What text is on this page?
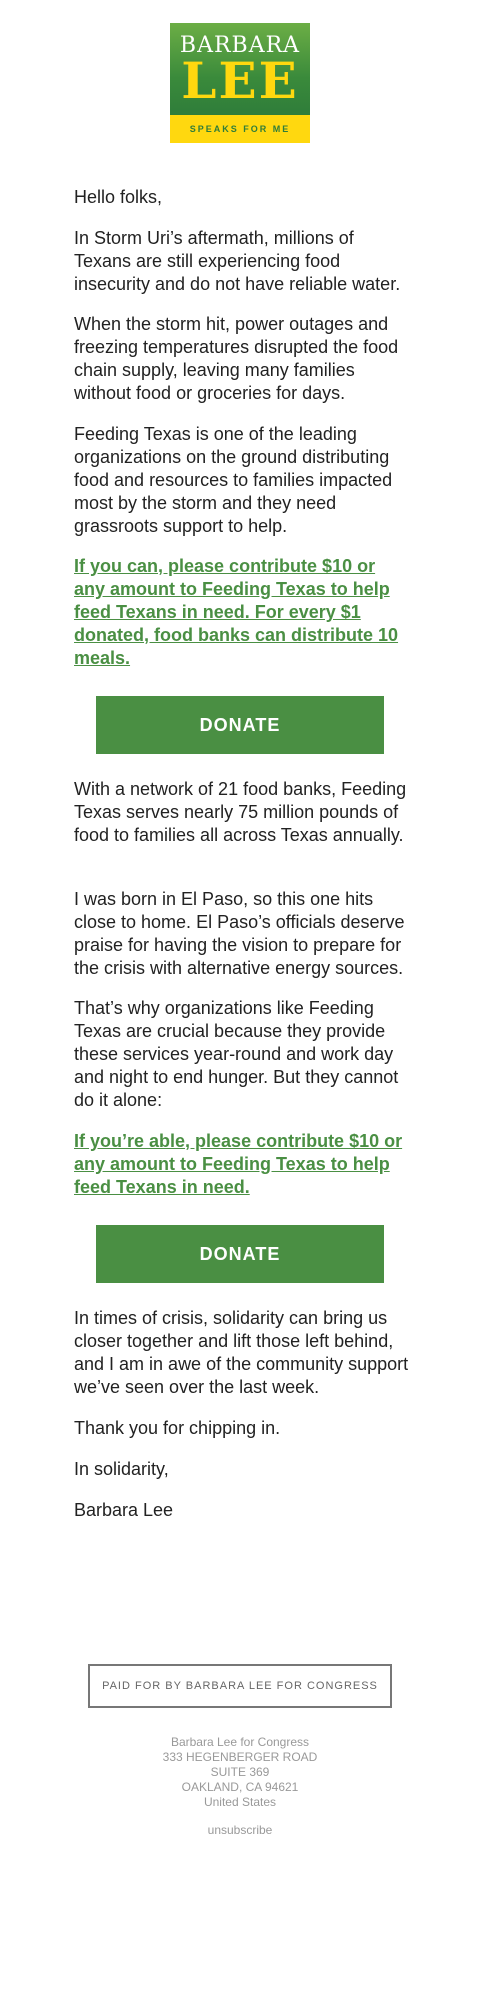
BARBARA
LEE
SPEAKS FOR ME

Hello folks,

In Storm Uri’s aftermath, millions of Texans are still experiencing food insecurity and do not have reliable water.

When the storm hit, power outages and freezing temperatures disrupted the food chain supply, leaving many families without food or groceries for days.

Feeding Texas is one of the leading organizations on the ground distributing food and resources to families impacted most by the storm and they need grassroots support to help.

If you can, please contribute $10 or any amount to Feeding Texas to help feed Texans in need. For every $1 donated, food banks can distribute 10 meals.

DONATE

With a network of 21 food banks, Feeding Texas serves nearly 75 million pounds of food to families all across Texas annually.

I was born in El Paso, so this one hits close to home. El Paso’s officials deserve praise for having the vision to prepare for the crisis with alternative energy sources.

That’s why organizations like Feeding Texas are crucial because they provide these services year-round and work day and night to end hunger. But they cannot do it alone:

If you’re able, please contribute $10 or any amount to Feeding Texas to help feed Texans in need.

DONATE

In times of crisis, solidarity can bring us closer together and lift those left behind, and I am in awe of the community support we’ve seen over the last week.

Thank you for chipping in.

In solidarity,

Barbara Lee

PAID FOR BY BARBARA LEE FOR CONGRESS
Barbara Lee for Congress
333 HEGENBERGER ROAD
SUITE 369
OAKLAND, CA 94621
United States
unsubscribe
